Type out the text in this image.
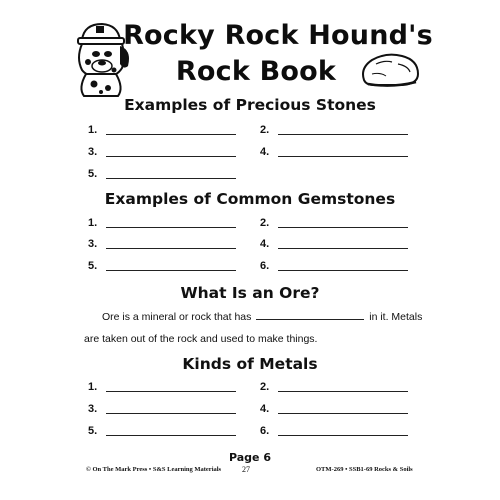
Rocky Rock Hound's
Rock Book
Examples of Precious Stones
1.	2.
3.	4.
5.
Examples of Common Gemstones
1.	2.
3.	4.
5.	6.
What Is an Ore?
Ore is a mineral or rock that has	in it. Metals
are taken out of the rock and used to make things.
Kinds of Metals
1.	2.
3.	4.
5.	6.
Page 6
© On The Mark Press • S&S Learning Materials	27	OTM-269 • SSB1-69 Rocks & Soils
